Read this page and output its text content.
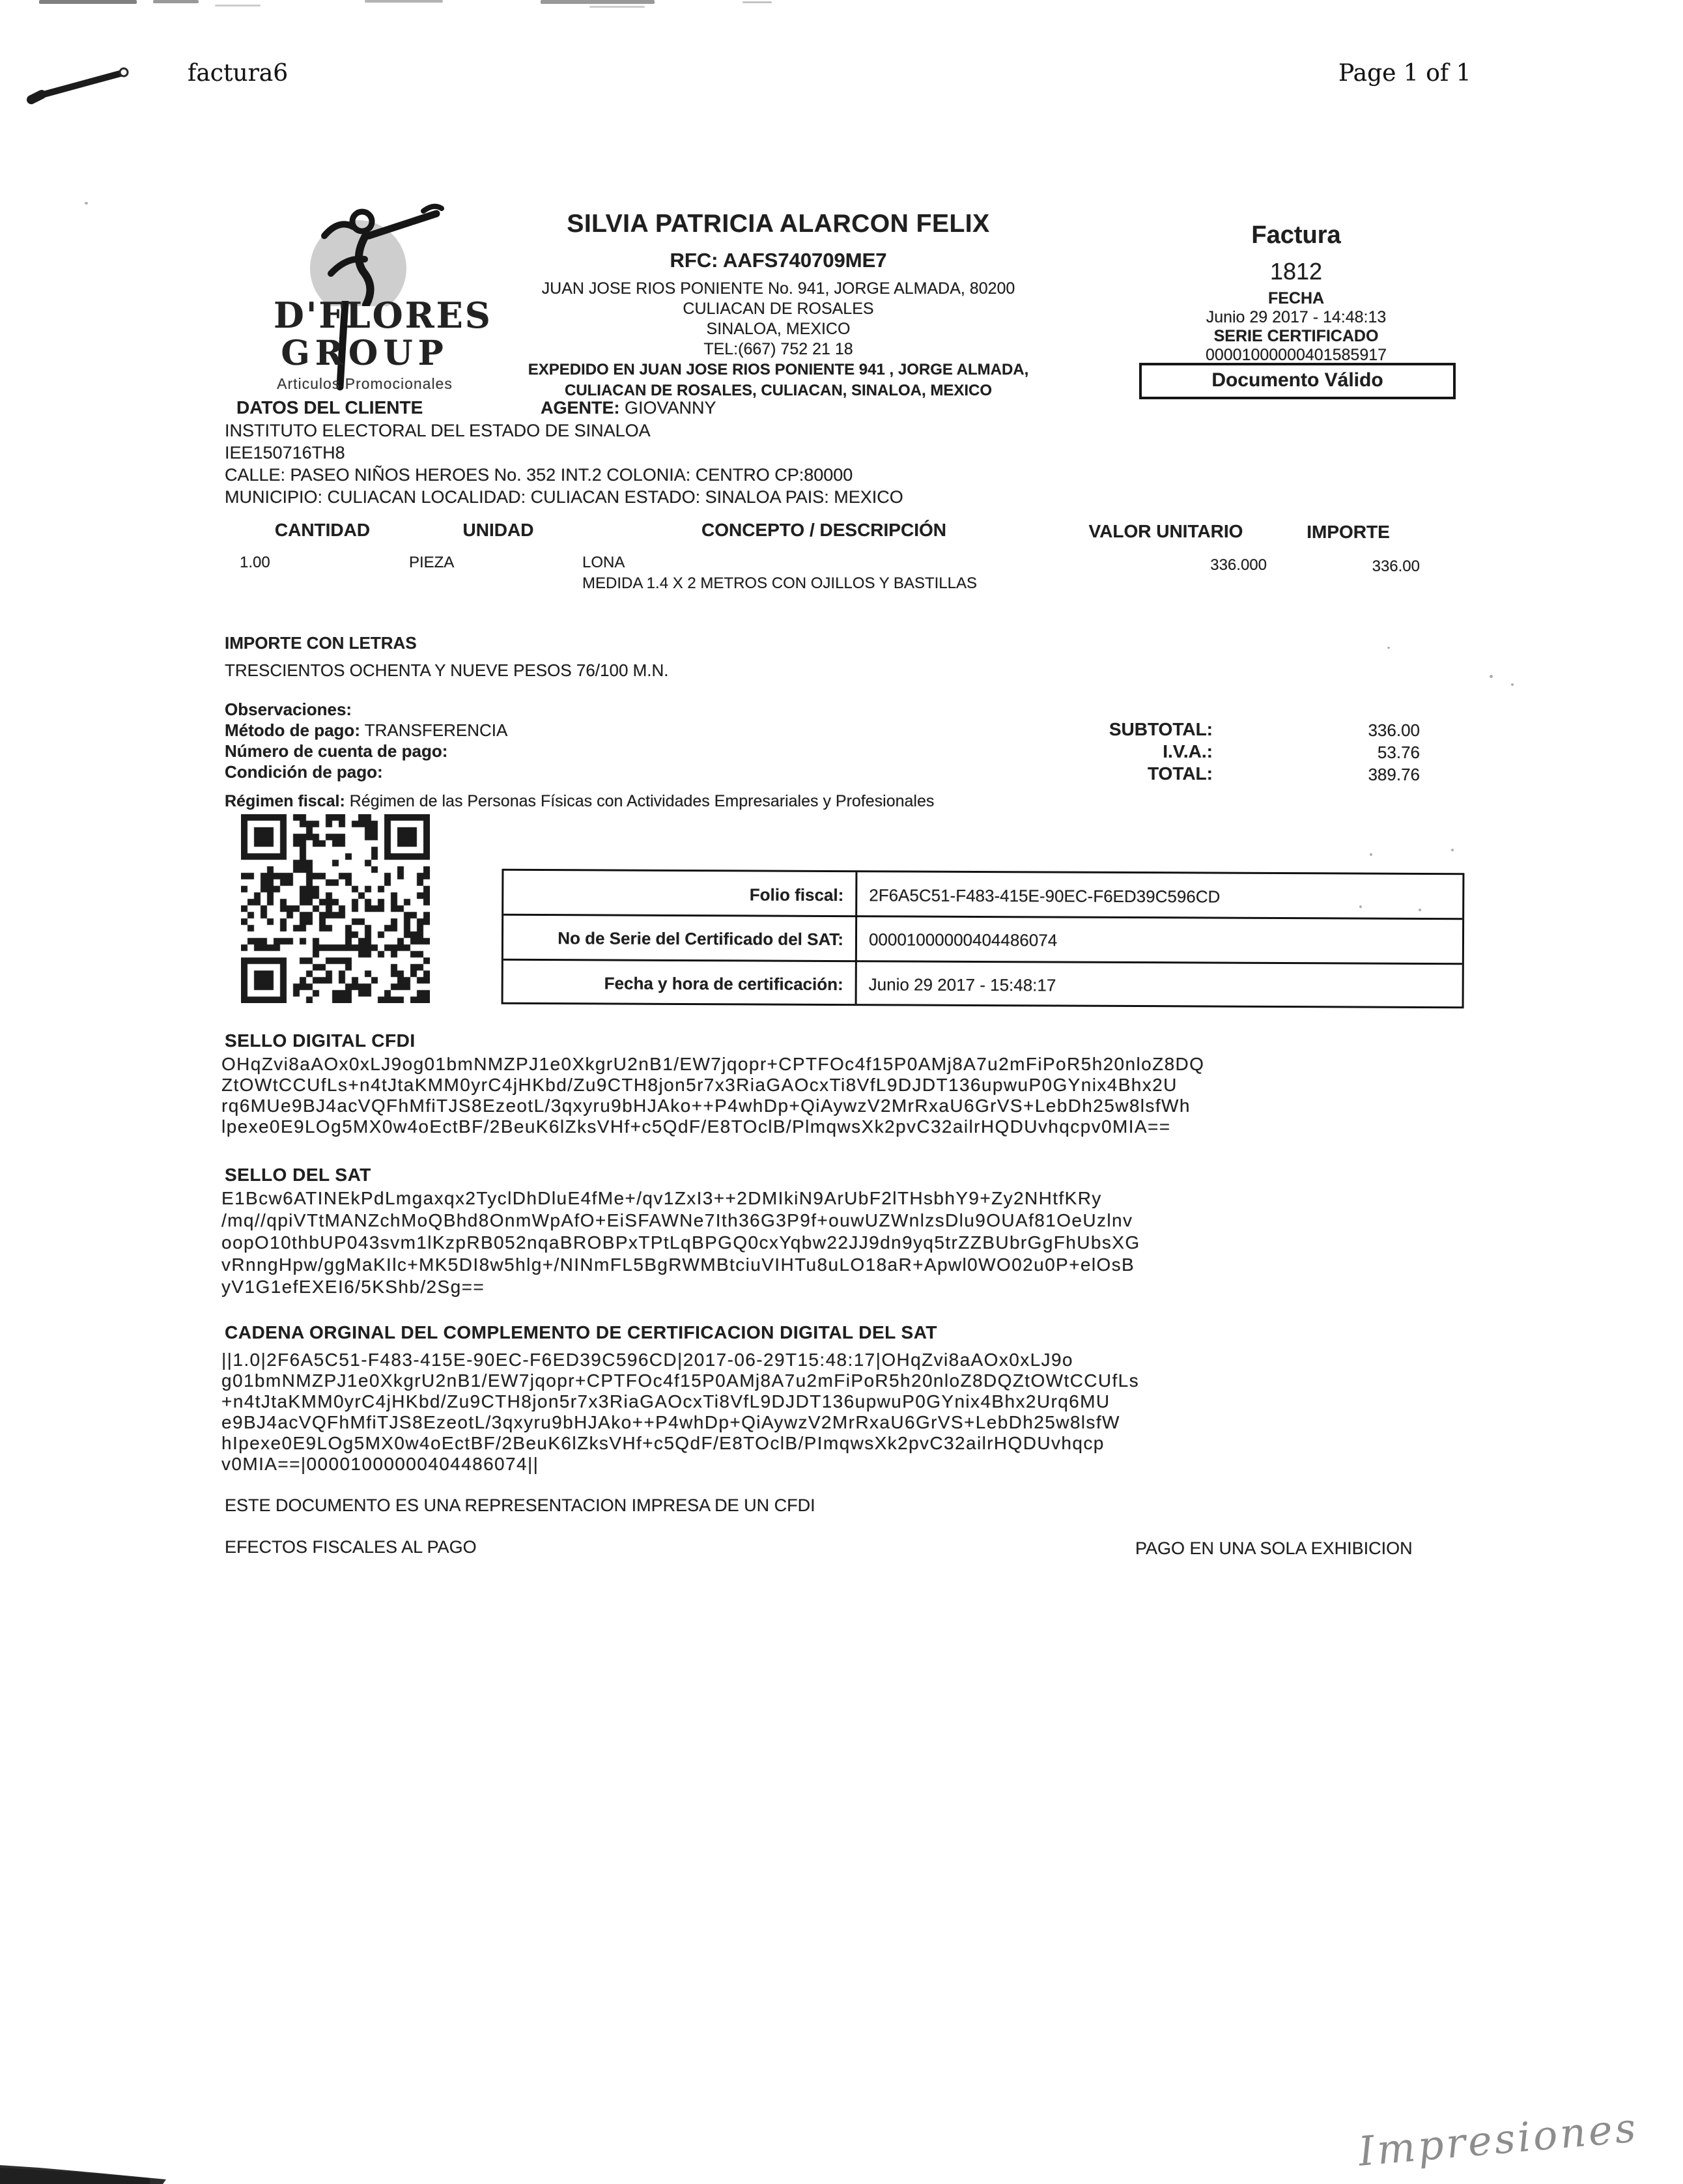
factura6	Page 1 of 1
D'FLORES
GROUP
Articulos Promocionales
SILVIA PATRICIA ALARCON FELIX
RFC: AAFS740709ME7
JUAN JOSE RIOS PONIENTE No. 941, JORGE ALMADA, 80200
CULIACAN DE ROSALES
SINALOA, MEXICO
TEL:(667) 752 21 18
EXPEDIDO EN JUAN JOSE RIOS PONIENTE 941 , JORGE ALMADA,
CULIACAN DE ROSALES, CULIACAN, SINALOA, MEXICO
Factura
1812
FECHA
Junio 29 2017 - 14:48:13
SERIE CERTIFICADO
00001000000401585917
Documento Válido
DATOS DEL CLIENTE	AGENTE: GIOVANNY
INSTITUTO ELECTORAL DEL ESTADO DE SINALOA
IEE150716TH8
CALLE: PASEO NIÑOS HEROES No. 352 INT.2 COLONIA: CENTRO CP:80000
MUNICIPIO: CULIACAN LOCALIDAD: CULIACAN ESTADO: SINALOA PAIS: MEXICO
CANTIDAD	UNIDAD	CONCEPTO / DESCRIPCIÓN	VALOR UNITARIO	IMPORTE
1.00	PIEZA	LONA	336.000	336.00
MEDIDA 1.4 X 2 METROS CON OJILLOS Y BASTILLAS
IMPORTE CON LETRAS
TRESCIENTOS OCHENTA Y NUEVE PESOS 76/100 M.N.
Observaciones:
Método de pago: TRANSFERENCIA
Número de cuenta de pago:
Condición de pago:
SUBTOTAL:	336.00
I.V.A.:	53.76
TOTAL:	389.76
Régimen fiscal: Régimen de las Personas Físicas con Actividades Empresariales y Profesionales
Folio fiscal: 2F6A5C51-F483-415E-90EC-F6ED39C596CD
No de Serie del Certificado del SAT: 00001000000404486074
Fecha y hora de certificación: Junio 29 2017 - 15:48:17
SELLO DIGITAL CFDI
OHqZvi8aAOx0xLJ9og01bmNMZPJ1e0XkgrU2nB1/EW7jqopr+CPTFOc4f15P0AMj8A7u2mFiPoR5h20nloZ8DQ
ZtOWtCCUfLs+n4tJtaKMM0yrC4jHKbd/Zu9CTH8jon5r7x3RiaGAOcxTi8VfL9DJDT136upwuP0GYnix4Bhx2U
rq6MUe9BJ4acVQFhMfiTJS8EzeotL/3qxyru9bHJAko++P4whDp+QiAywzV2MrRxaU6GrVS+LebDh25w8lsfWh
lpexe0E9LOg5MX0w4oEctBF/2BeuK6lZksVHf+c5QdF/E8TOclB/PlmqwsXk2pvC32ailrHQDUvhqcpv0MIA==
SELLO DEL SAT
E1Bcw6ATINEkPdLmgaxqx2TyclDhDluE4fMe+/qv1ZxI3++2DMIkiN9ArUbF2lTHsbhY9+Zy2NHtfKRy
/mq//qpiVTtMANZchMoQBhd8OnmWpAfO+EiSFAWNe7Ith36G3P9f+ouwUZWnlzsDlu9OUAf81OeUzlnv
oopO10thbUP043svm1lKzpRB052nqaBROBPxTPtLqBPGQ0cxYqbw22JJ9dn9yq5trZZBUbrGgFhUbsXG
vRnngHpw/ggMaKIlc+MK5DI8w5hlg+/NINmFL5BgRWMBtciuVIHTu8uLO18aR+Apwl0WO02u0P+elOsB
yV1G1efEXEI6/5KShb/2Sg==
CADENA ORGINAL DEL COMPLEMENTO DE CERTIFICACION DIGITAL DEL SAT
||1.0|2F6A5C51-F483-415E-90EC-F6ED39C596CD|2017-06-29T15:48:17|OHqZvi8aAOx0xLJ9o
g01bmNMZPJ1e0XkgrU2nB1/EW7jqopr+CPTFOc4f15P0AMj8A7u2mFiPoR5h20nloZ8DQZtOWtCCUfLs
+n4tJtaKMM0yrC4jHKbd/Zu9CTH8jon5r7x3RiaGAOcxTi8VfL9DJDT136upwuP0GYnix4Bhx2Urq6MU
e9BJ4acVQFhMfiTJS8EzeotL/3qxyru9bHJAko++P4whDp+QiAywzV2MrRxaU6GrVS+LebDh25w8lsfW
hIpexe0E9LOg5MX0w4oEctBF/2BeuK6lZksVHf+c5QdF/E8TOclB/PImqwsXk2pvC32ailrHQDUvhqcp
v0MIA==|00001000000404486074||
ESTE DOCUMENTO ES UNA REPRESENTACION IMPRESA DE UN CFDI
EFECTOS FISCALES AL PAGO	PAGO EN UNA SOLA EXHIBICION
Impresiones
